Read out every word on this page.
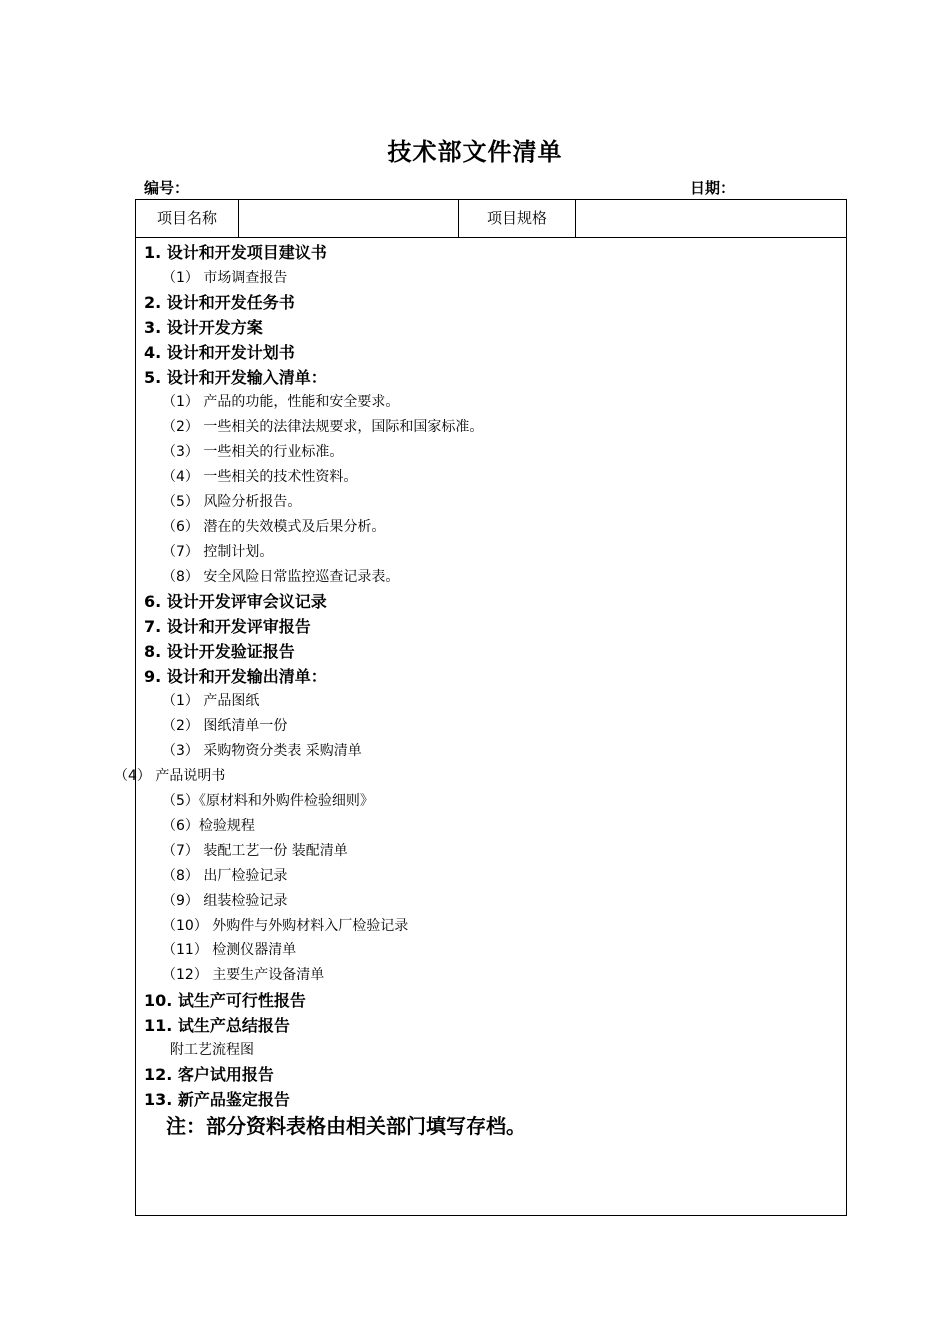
技术部文件清单
编号：	日期：
项目名称	项目规格
1. 设计和开发项目建议书
（1） 市场调查报告
2. 设计和开发任务书
3. 设计开发方案
4. 设计和开发计划书
5. 设计和开发输入清单：
（1） 产品的功能，性能和安全要求。
（2） 一些相关的法律法规要求，国际和国家标准。
（3） 一些相关的行业标准。
（4） 一些相关的技术性资料。
（5） 风险分析报告。
（6） 潜在的失效模式及后果分析。
（7） 控制计划。
（8） 安全风险日常监控巡查记录表。
6. 设计开发评审会议记录
7. 设计和开发评审报告
8. 设计开发验证报告
9. 设计和开发输出清单：
（1） 产品图纸
（2） 图纸清单一份
（3） 采购物资分类表 采购清单
（4） 产品说明书
（5）《原材料和外购件检验细则》
（6）检验规程
（7） 装配工艺一份 装配清单
（8） 出厂检验记录
（9） 组装检验记录
（10） 外购件与外购材料入厂检验记录
（11） 检测仪器清单
（12） 主要生产设备清单
10. 试生产可行性报告
11. 试生产总结报告
附工艺流程图
12. 客户试用报告
13. 新产品鉴定报告
注：部分资料表格由相关部门填写存档。
